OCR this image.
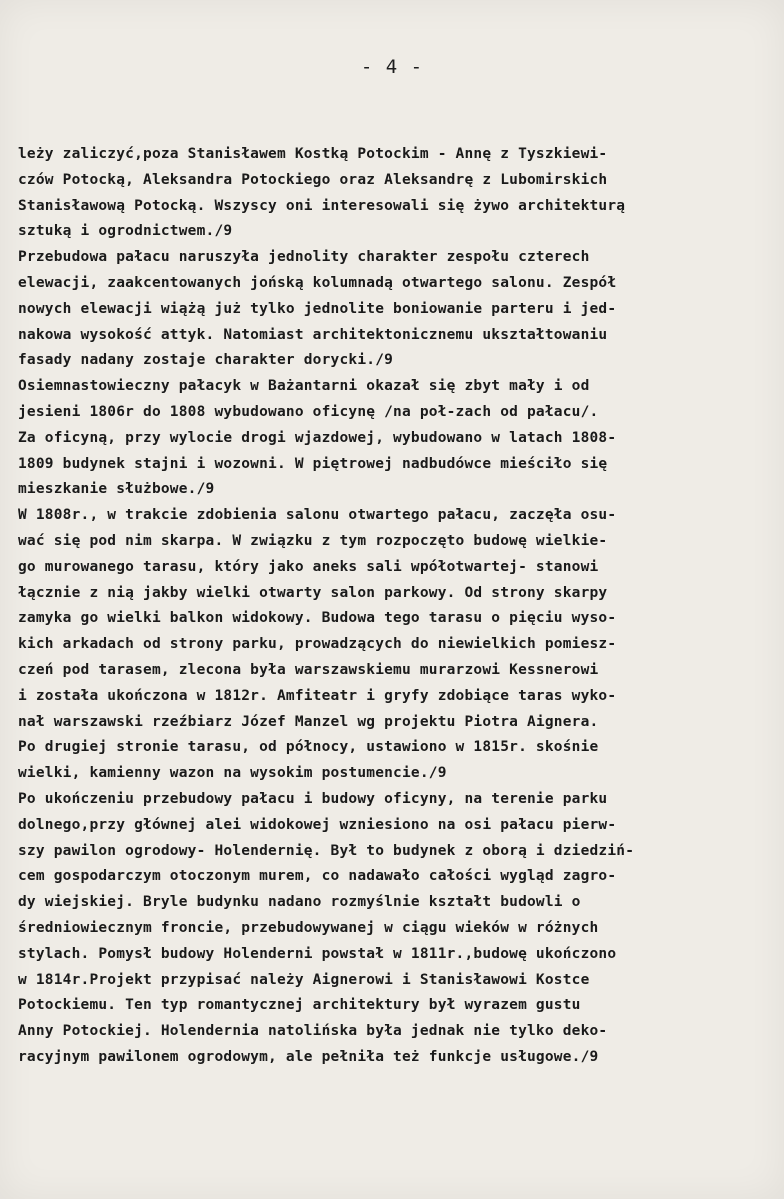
- 4 -
leży zaliczyć,poza Stanisławem Kostką Potockim - Annę z Tyszkiewi-
czów Potocką, Aleksandra Potockiego oraz Aleksandrę z Lubomirskich
Stanisławową Potocką. Wszyscy oni interesowali się żywo architekturą
sztuką i ogrodnictwem./9
Przebudowa pałacu naruszyła jednolity charakter zespołu czterech
elewacji, zaakcentowanych jońską kolumnadą otwartego salonu. Zespół
nowych elewacji wiążą już tylko jednolite boniowanie parteru i jed-
nakowa wysokość attyk. Natomiast architektonicznemu ukształtowaniu
fasady nadany zostaje charakter dorycki./9
Osiemnastowieczny pałacyk w Bażantarni okazał się zbyt mały i od
jesieni 1806r do 1808 wybudowano oficynę /na poł-zach od pałacu/.
Za oficyną, przy wylocie drogi wjazdowej, wybudowano w latach 1808-
1809 budynek stajni i wozowni. W piętrowej nadbudówce mieściło się
mieszkanie służbowe./9
W 1808r., w trakcie zdobienia salonu otwartego pałacu, zaczęła osu-
wać się pod nim skarpa. W związku z tym rozpoczęto budowę wielkie-
go murowanego tarasu, który jako aneks sali wpółotwartej- stanowi
łącznie z nią jakby wielki otwarty salon parkowy. Od strony skarpy
zamyka go wielki balkon widokowy. Budowa tego tarasu o pięciu wyso-
kich arkadach od strony parku, prowadzących do niewielkich pomiesz-
czeń pod tarasem, zlecona była warszawskiemu murarzowi Kessnerowi
i została ukończona w 1812r. Amfiteatr i gryfy zdobiące taras wyko-
nał warszawski rzeźbiarz Józef Manzel wg projektu Piotra Aignera.
Po drugiej stronie tarasu, od północy, ustawiono w 1815r. skośnie
wielki, kamienny wazon na wysokim postumencie./9
Po ukończeniu przebudowy pałacu i budowy oficyny, na terenie parku
dolnego,przy głównej alei widokowej wzniesiono na osi pałacu pierw-
szy pawilon ogrodowy- Holendernię. Był to budynek z oborą i dziedziń-
cem gospodarczym otoczonym murem, co nadawało całości wygląd zagro-
dy wiejskiej. Bryle budynku nadano rozmyślnie kształt budowli o
średniowiecznym froncie, przebudowywanej w ciągu wieków w różnych
stylach. Pomysł budowy Holenderni powstał w 1811r.,budowę ukończono
w 1814r.Projekt przypisać należy Aignerowi i Stanisławowi Kostce
Potockiemu. Ten typ romantycznej architektury był wyrazem gustu
Anny Potockiej. Holendernia natolińska była jednak nie tylko deko-
racyjnym pawilonem ogrodowym, ale pełniła też funkcje usługowe./9
